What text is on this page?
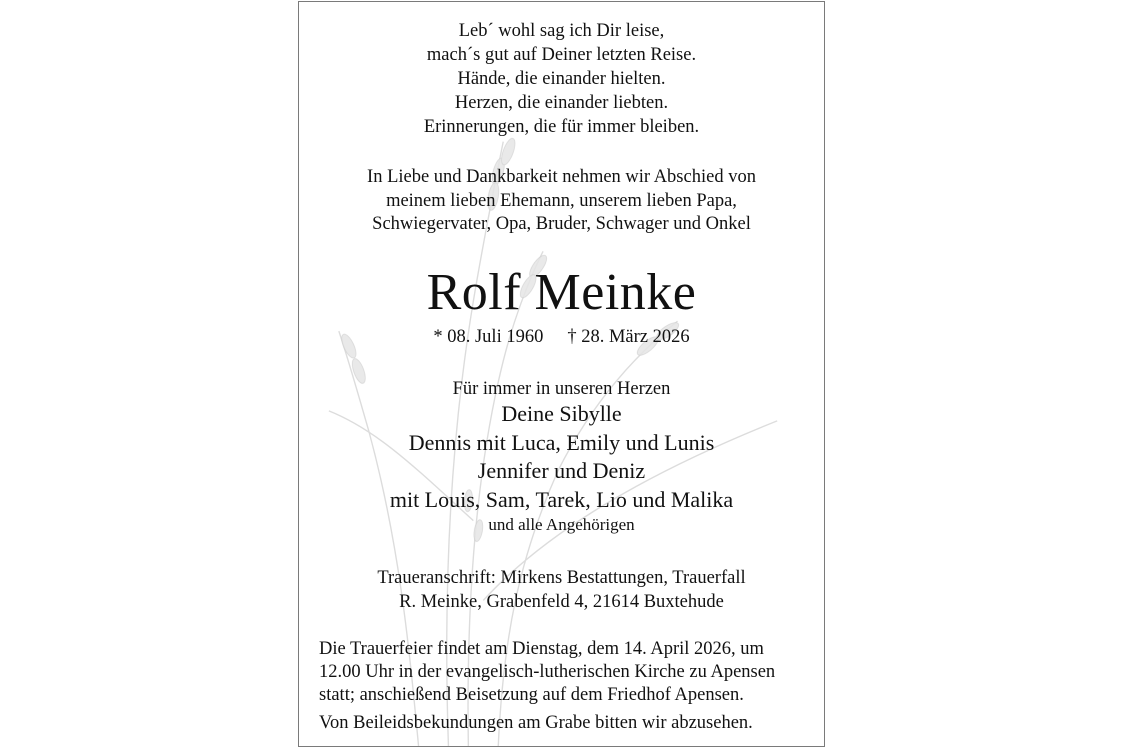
Leb´ wohl sag ich Dir leise,
mach´s gut auf Deiner letzten Reise.
Hände, die einander hielten.
Herzen, die einander liebten.
Erinnerungen, die für immer bleiben.
In Liebe und Dankbarkeit nehmen wir Abschied von
meinem lieben Ehemann, unserem lieben Papa,
Schwiegervater, Opa, Bruder, Schwager und Onkel
Rolf Meinke
* 08. Juli 1960 † 28. März 2026
Für immer in unseren Herzen
Deine Sibylle
Dennis mit Luca, Emily und Lunis
Jennifer und Deniz
mit Louis, Sam, Tarek, Lio und Malika
und alle Angehörigen
Traueranschrift: Mirkens Bestattungen, Trauerfall
R. Meinke, Grabenfeld 4, 21614 Buxtehude
Die Trauerfeier findet am Dienstag, dem 14. April 2026, um
12.00 Uhr in der evangelisch-lutherischen Kirche zu Apensen
statt; anschießend Beisetzung auf dem Friedhof Apensen.
Von Beileidsbekundungen am Grabe bitten wir abzusehen.
